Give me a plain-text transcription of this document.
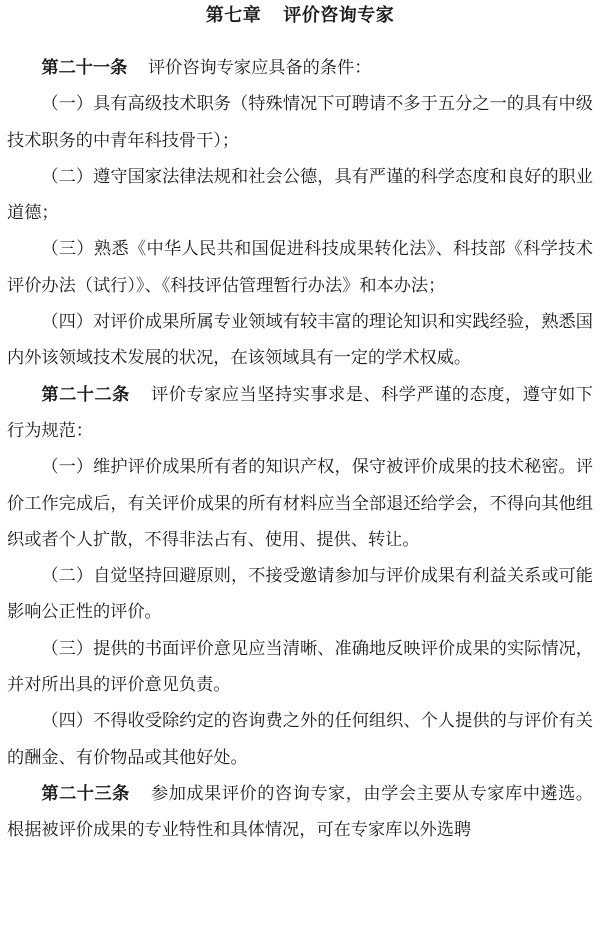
第七章 评价咨询专家

第二十一条 评价咨询专家应具备的条件：

（一）具有高级技术职务（特殊情况下可聘请不多于五分之一的具有中级技术职务的中青年科技骨干）；

（二）遵守国家法律法规和社会公德，具有严谨的科学态度和良好的职业道德；

（三）熟悉《中华人民共和国促进科技成果转化法》、科技部《科学技术评价办法（试行）》、《科技评估管理暂行办法》和本办法；

（四）对评价成果所属专业领域有较丰富的理论知识和实践经验，熟悉国内外该领域技术发展的状况，在该领域具有一定的学术权威。

第二十二条 评价专家应当坚持实事求是、科学严谨的态度，遵守如下行为规范：

（一）维护评价成果所有者的知识产权，保守被评价成果的技术秘密。评价工作完成后，有关评价成果的所有材料应当全部退还给学会，不得向其他组织或者个人扩散，不得非法占有、使用、提供、转让。

（二）自觉坚持回避原则，不接受邀请参加与评价成果有利益关系或可能影响公正性的评价。

（三）提供的书面评价意见应当清晰、准确地反映评价成果的实际情况，并对所出具的评价意见负责。

（四）不得收受除约定的咨询费之外的任何组织、个人提供的与评价有关的酬金、有价物品或其他好处。

第二十三条 参加成果评价的咨询专家，由学会主要从专家库中遴选。根据被评价成果的专业特性和具体情况，可在专家库以外选聘
